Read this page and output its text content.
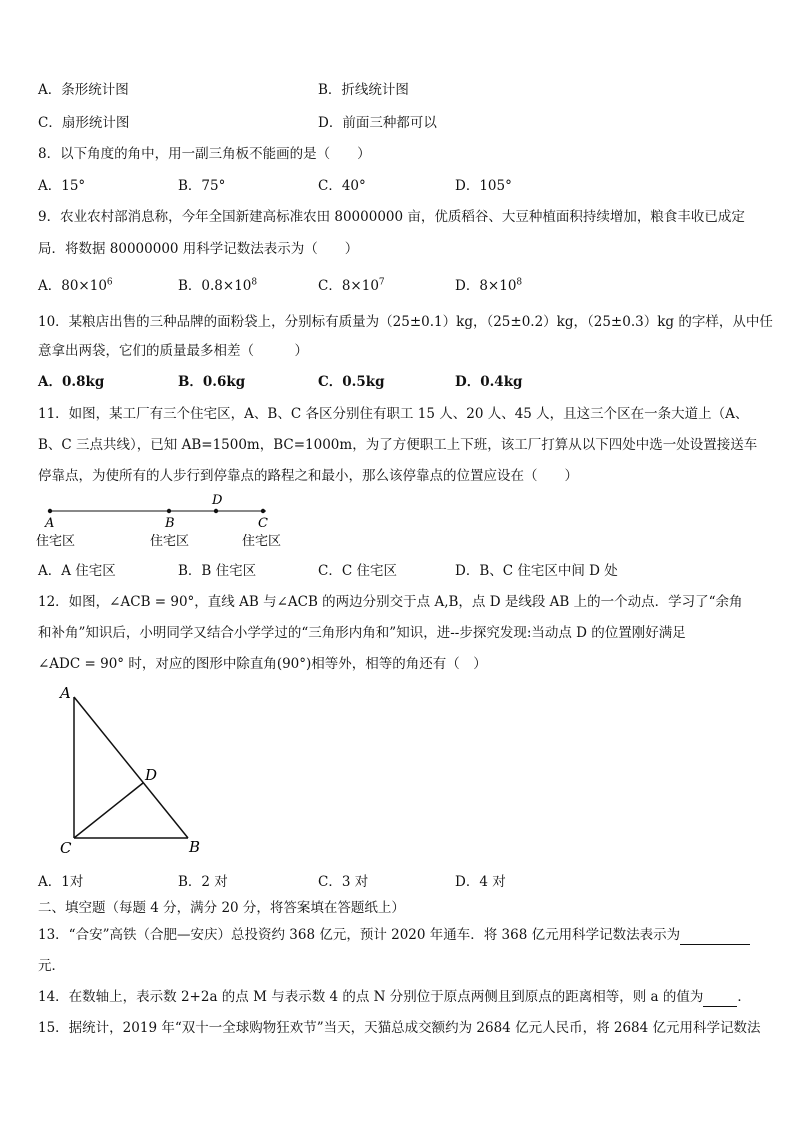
A．条形统计图	B．折线统计图
C．扇形统计图	D．前面三种都可以
8．以下角度的角中，用一副三角板不能画的是（　　）
A．15°	B．75°	C．40°	D．105°
9．农业农村部消息称，今年全国新建高标准农田 80000000 亩，优质稻谷、大豆种植面积持续增加，粮食丰收已成定
局．将数据 80000000 用科学记数法表示为（　　）
A．$80\times 10^6$	B．$0.8\times 10^8$	C．$8\times 10^7$	D．$8\times 10^8$
10．某粮店出售的三种品牌的面粉袋上，分别标有质量为（25±0.1）kg，（25±0.2）kg，（25±0.3）kg 的字样，从中任
意拿出两袋，它们的质量最多相差（　　　）
A．0.8kg	B．0.6kg	C．0.5kg	D．0.4kg
11．如图，某工厂有三个住宅区，A、B、C 各区分别住有职工 15 人、20 人、45 人，且这三个区在一条大道上（A、
B、C 三点共线），已知 AB=1500m，BC=1000m，为了方便职工上下班，该工厂打算从以下四处中选一处设置接送车
停靠点，为使所有的人步行到停靠点的路程之和最小，那么该停靠点的位置应设在（　　）
D
A	B	C
住宅区	住宅区	住宅区
A．A 住宅区	B．B 住宅区	C．C 住宅区	D．B、C 住宅区中间 D 处
12．如图，∠ACB = 90°，直线 AB 与∠ACB 的两边分别交于点 A,B，点 D 是线段 AB 上的一个动点．学习了“余角
和补角”知识后，小明同学又结合小学学过的“三角形内角和”知识，进--步探究发现:当动点 D 的位置刚好满足
∠ADC = 90° 时，对应的图形中除直角(90°)相等外，相等的角还有（　）
A
D
C	B
A．1对	B．2 对	C．3 对	D．4 对
二、填空题（每题 4 分，满分 20 分，将答案填在答题纸上）
13．“合安”高铁（合肥—安庆）总投资约 368 亿元，预计 2020 年通车．将 368 亿元用科学记数法表示为
元．
14．在数轴上，表示数 2+2a 的点 M 与表示数 4 的点 N 分别位于原点两侧且到原点的距离相等，则 a 的值为	．
15．据统计，2019 年“双十一全球购物狂欢节”当天，天猫总成交额约为 2684 亿元人民币，将 2684 亿元用科学记数法
